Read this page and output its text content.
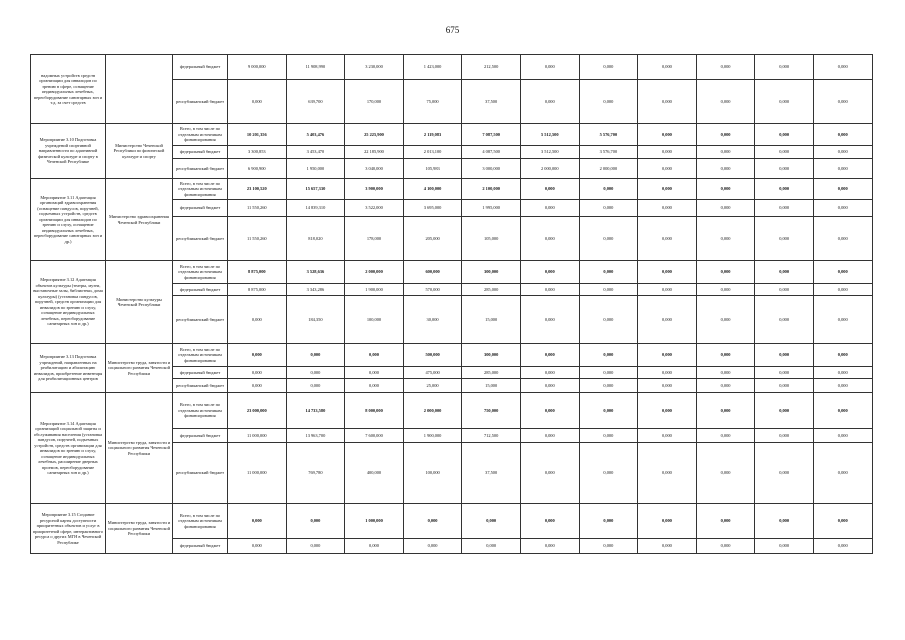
675
надомных устройств средств организации для инвалидов по зрению в сфере, оснащение индивидуальных лечебных, переоборудование санитарных зон и т.д. за счет средств		федеральный бюджет	9 000,000	11 908,990	3 230,000	1 423,000	212,500	0,000	0,000	0,000	0,000	0,000	0,000
		республиканский бюджет	0,000	639,700	170,000	75,000	37,500	0,000	0,000	0,000	0,000	0,000	0,000
Мероприятие 3.10 Подготовка учреждений спортивной направленности по адаптивной физической культуре и спорту в Чеченской Республике	Министерство Чеченской Республики по физической культуре и спорту	Всего, в том числе по отдельным источникам финансирования	10 201,356	5 403,476	25 225,900	2 119,083	7 087,500	5 512,500	5 576,700	0,000	0,000	0,000	0,000
		федеральный бюджет	3 300,853	3 453,470	22 185,900	2 013,100	4 087,500	3 512,500	3 576,700	0,000	0,000	0,000	0,000
		республиканский бюджет	6 900,900	1 950,000	3 040,000	105,983	3 000,000	2 000,000	2 000,000	0,000	0,000	0,000	0,000
Мероприятие 3.11 Адаптация организаций здравоохранения (оснащение пандусов, поручней, подъемных устройств, средств организации для инвалидов по зрению и слуху, оснащение индивидуальных лечебных, переоборудование санитарных зон и др.)	Министерство здравоохранения Чеченской Республики	Всего, в том числе по отдельным источникам финансирования	23 100,520	15 657,330	3 900,000	4 100,000	2 100,000	0,000	0,000	0,000	0,000	0,000	0,000
		федеральный бюджет	11 550,260	14 839,310	3 522,000	3 695,000	1 995,000	0,000	0,000	0,000	0,000	0,000	0,000
		республиканский бюджет	11 550,260	818,020	178,000	205,000	105,000	0,000	0,000	0,000	0,000	0,000	0,000
Мероприятие 3.12 Адаптация объектов культуры (театры, музеи, выставочные залы, библиотеки, дома культуры) (установка пандусов, поручней, средств организации для инвалидов по зрению и слуху, оснащение индивидуальных лечебных, переоборудование санитарных зон и др.)	Министерство культуры Чеченской Республики	Всего, в том числе по отдельным источникам финансирования	8 875,000	3 528,636	2 000,000	600,000	300,000	0,000	0,000	0,000	0,000	0,000	0,000
		федеральный бюджет	8 875,000	3 343,286	1 900,000	570,000	285,000	0,000	0,000	0,000	0,000	0,000	0,000
		республиканский бюджет	0,000	184,350	100,000	30,000	15,000	0,000	0,000	0,000	0,000	0,000	0,000
Мероприятие 3.13 Подготовка учреждений, направленных на реабилитацию и абилитацию инвалидов, приобретение инвентаря для реабилитационных центров	Министерство труда, занятости и социального развития Чеченской Республики	Всего, в том числе по отдельным источникам финансирования	0,000	0,000	0,000	500,000	300,000	0,000	0,000	0,000	0,000	0,000	0,000
		федеральный бюджет	0,000	0,000	0,000	475,000	285,000	0,000	0,000	0,000	0,000	0,000	0,000
		республиканский бюджет	0,000	0,000	0,000	25,000	15,000	0,000	0,000	0,000	0,000	0,000	0,000
Мероприятие 3.14 Адаптация организаций социальной защиты и обслуживания населения (установка пандусов, поручней, подъемных устройств, средств организации для инвалидов по зрению и слуху, оснащение индивидуальных лечебных, расширение дверных проемов, переоборудование санитарных зон и др.)	Министерство труда, занятости и социального развития Чеченской Республики	Всего, в том числе по отдельным источникам финансирования	23 000,000	14 733,580	8 000,000	2 000,000	750,000	0,000	0,000	0,000	0,000	0,000	0,000
		федеральный бюджет	11 000,000	13 963,700	7 600,000	1 900,000	712,500	0,000	0,000	0,000	0,000	0,000	0,000
		республиканский бюджет	11 000,000	769,780	400,000	100,000	37,500	0,000	0,000	0,000	0,000	0,000	0,000
Мероприятие 3.15 Создание ресурсной карты доступности приоритетных объектов и услуг в приоритетной сфере, интерактивного ресурса о других МГН в Чеченской Республике	Министерство труда, занятости и социального развития Чеченской Республики	Всего, в том числе по отдельным источникам финансирования	0,000	0,000	1 000,000	0,000	0,000	0,000	0,000	0,000	0,000	0,000	0,000
		федеральный бюджет	0,000	0,000	0,000	0,000	0,000	0,000	0,000	0,000	0,000	0,000	0,000
